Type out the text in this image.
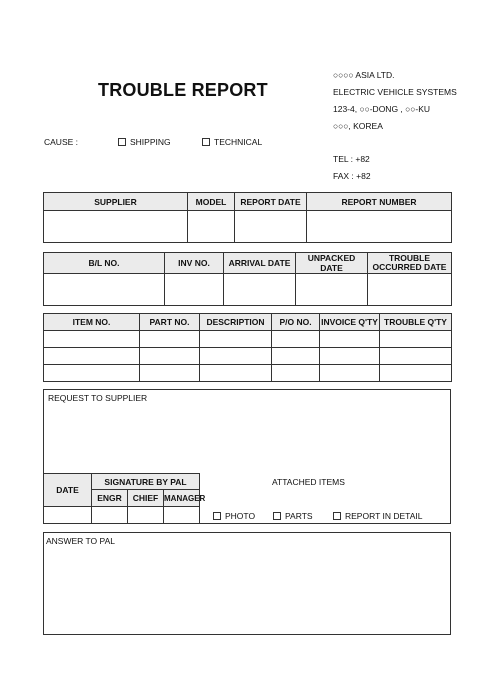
TROUBLE REPORT
○○○○ ASIA LTD.
ELECTRIC VEHICLE SYSTEMS
123-4, ○○-DONG , ○○-KU
○○○, KOREA
TEL : +82
FAX : +82
CAUSE :	SHIPPING	TECHNICAL
SUPPLIER	MODEL	REPORT DATE	REPORT NUMBER

B/L NO.	INV NO.	ARRIVAL DATE	UNPACKED DATE	TROUBLE OCCURRED DATE

ITEM NO.	PART NO.	DESCRIPTION	P/O NO.	INVOICE Q'TY	TROUBLE Q'TY

REQUEST TO SUPPLIER
DATE	SIGNATURE BY PAL		
	ENGR	CHIEF	MANAGER

ATTACHED ITEMS
PHOTO	PARTS	REPORT IN DETAIL
ANSWER TO PAL
